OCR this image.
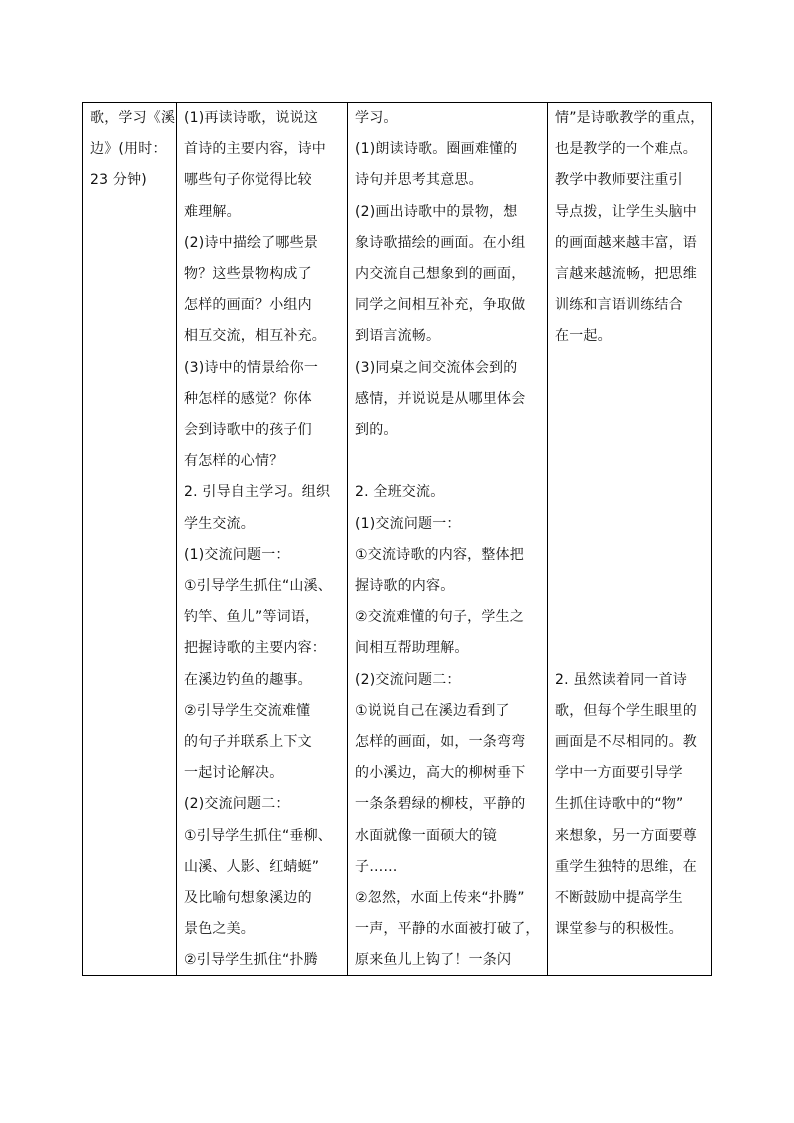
歌，学习《溪
边》(用时：
23 分钟)
(1)再读诗歌，说说这
首诗的主要内容，诗中
哪些句子你觉得比较
难理解。
(2)诗中描绘了哪些景
物？这些景物构成了
怎样的画面？小组内
相互交流，相互补充。
(3)诗中的情景给你一
种怎样的感觉？你体
会到诗歌中的孩子们
有怎样的心情？
2. 引导自主学习。组织
学生交流。
(1)交流问题一：
①引导学生抓住“山溪、
钓竿、鱼儿”等词语，
把握诗歌的主要内容：
在溪边钓鱼的趣事。
②引导学生交流难懂
的句子并联系上下文
一起讨论解决。
(2)交流问题二：
①引导学生抓住“垂柳、
山溪、人影、红蜻蜓”
及比喻句想象溪边的
景色之美。
②引导学生抓住“扑腾
学习。
(1)朗读诗歌。圈画难懂的
诗句并思考其意思。
(2)画出诗歌中的景物，想
象诗歌描绘的画面。在小组
内交流自己想象到的画面，
同学之间相互补充，争取做
到语言流畅。
(3)同桌之间交流体会到的
感情，并说说是从哪里体会
到的。
2. 全班交流。
(1)交流问题一：
①交流诗歌的内容，整体把
握诗歌的内容。
②交流难懂的句子，学生之
间相互帮助理解。
(2)交流问题二：
①说说自己在溪边看到了
怎样的画面，如，一条弯弯
的小溪边，高大的柳树垂下
一条条碧绿的柳枝，平静的
水面就像一面硕大的镜
子……
②忽然，水面上传来“扑腾”
一声，平静的水面被打破了，
原来鱼儿上钩了！一条闪
情”是诗歌教学的重点，
也是教学的一个难点。
教学中教师要注重引
导点拨，让学生头脑中
的画面越来越丰富，语
言越来越流畅，把思维
训练和言语训练结合
在一起。
2. 虽然读着同一首诗
歌，但每个学生眼里的
画面是不尽相同的。教
学中一方面要引导学
生抓住诗歌中的“物”
来想象，另一方面要尊
重学生独特的思维，在
不断鼓励中提高学生
课堂参与的积极性。
